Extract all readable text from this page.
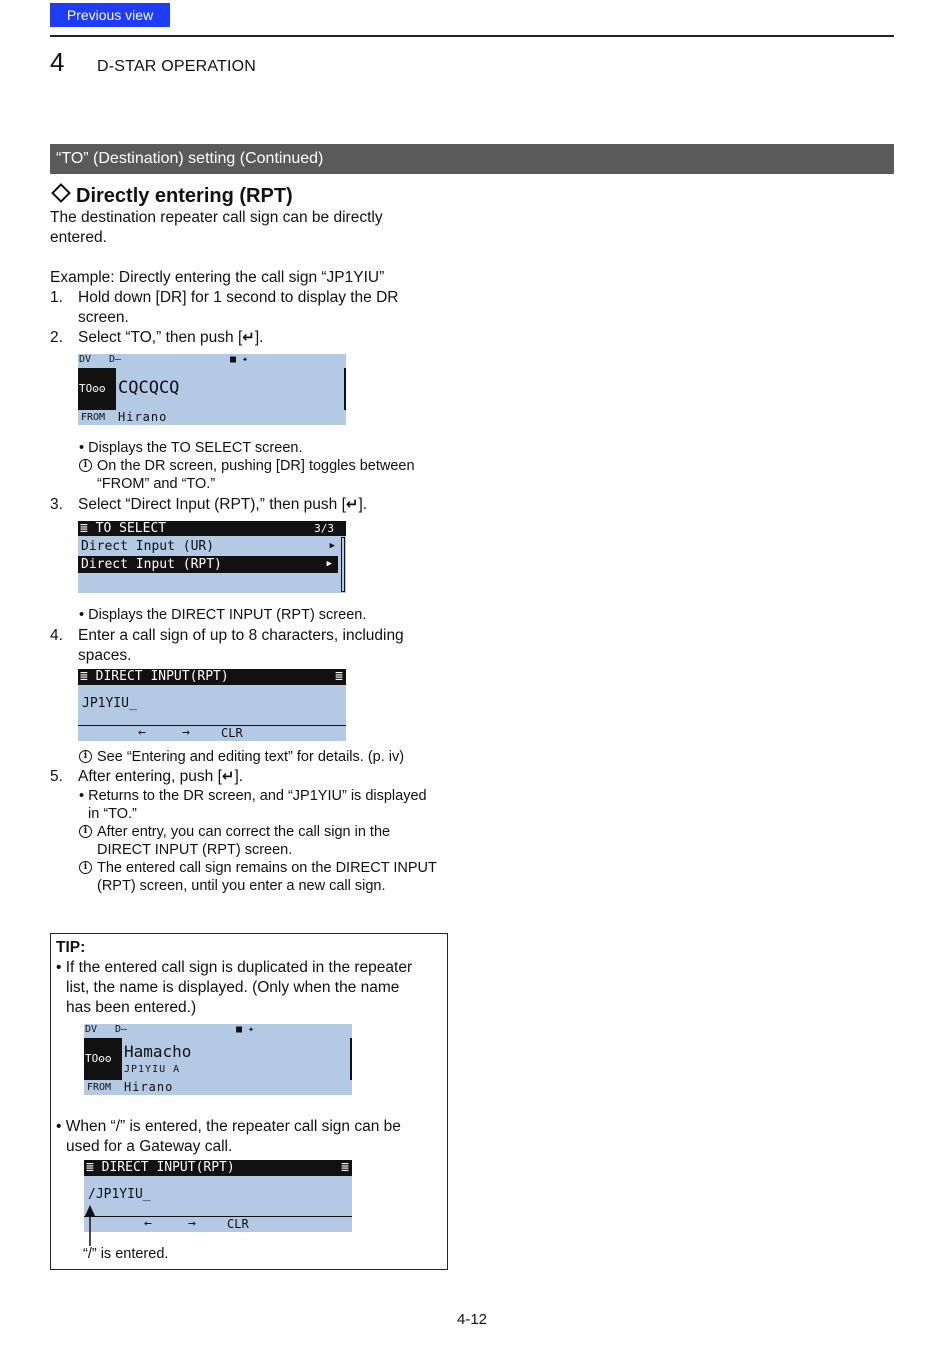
Previous view
4 D-STAR OPERATION
“TO” (Destination) setting (Continued)
Directly entering (RPT)
The destination repeater call sign can be directly
entered.
Example: Directly entering the call sign “JP1YIU”
1. Hold down [DR] for 1 second to display the DR
screen.
2. Select “TO,” then push [↵].
DV D–	■ ✦
TOʘʘ CQCQCQ
FROM Hirano
• Displays the TO SELECT screen.
i On the DR screen, pushing [DR] toggles between
“FROM” and “TO.”
3. Select “Direct Input (RPT),” then push [↵].
≣ TO SELECT	3/3
Direct Input (UR)	▶
Direct Input (RPT)	▶
• Displays the DIRECT INPUT (RPT) screen.
4. Enter a call sign of up to 8 characters, including
spaces.
≣ DIRECT INPUT(RPT)	≣
JP1YIU_
←	→	CLR
i See “Entering and editing text” for details. (p. iv)
5. After entering, push [↵].
• Returns to the DR screen, and “JP1YIU” is displayed
in “TO.”
i After entry, you can correct the call sign in the
DIRECT INPUT (RPT) screen.
i The entered call sign remains on the DIRECT INPUT
(RPT) screen, until you enter a new call sign.
TIP:
• If the entered call sign is duplicated in the repeater
list, the name is displayed. (Only when the name
has been entered.)
DV D–	■ ✦
TOʘʘ Hamacho
JP1YIU A
FROM Hirano
• When “/” is entered, the repeater call sign can be
used for a Gateway call.
≣ DIRECT INPUT(RPT)	≣
/JP1YIU_
←	→	CLR
“/” is entered.
4-12
